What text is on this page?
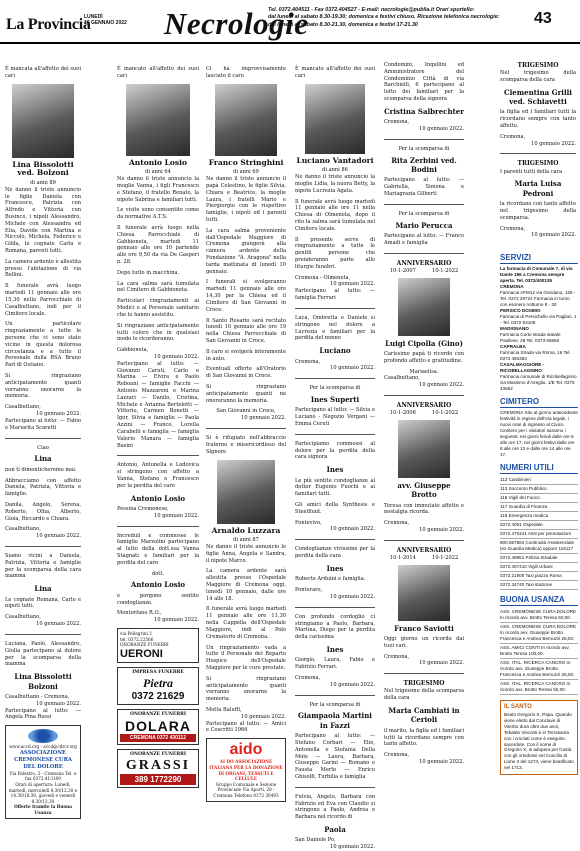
La Provincia
LUNEDÌ
10 GENNAIO 2022 Necrologie
Tel. 0372.404511 - Fax 0372.404527 - E-mail: necrologie@publia.it Orari sportello:
dal lunedì al sabato 8.30-19.30; domenica e festivi chiuso. Ricezione telefonica necrologie:
dal lunedì al sabato 8.30-21.30, domenica e festivi 17-21.30	43

È mancata all'affetto dei suoi cari

Lina Bissolotti ved. Bolzoni
di anni 89

Ne danno il triste annuncio le figlie Daniela con Francesco, Patrizia con Alfredo e Vittoria con Businco, i nipoti Alessandro, Michele con Alessandra ed Elia, Davide con Martina e Niccolò, Michela, Federico e Gilda, le cognate Carla e Romana, parenti tutti.

La camera ardente è allestita presso l'abitazione di via Bellini.

Il funerale avrà luogo martedì 11 gennaio alle ore 15,30 nella Parrocchiale di Casalbuttano, indi per il Cimitero locale.

Un particolare ringraziamento a tutte le persone che ci sono state vicine in questa dolorosa circostanza e a tutto il Personale della RSA Bruno Pari di Ostiano.

Si ringraziano anticipatamente quanti vorranno onorarne la memoria.

Casalbuttano,
10 gennaio 2022.

Partecipano al lutto: — Fabio e Mariarita Scaretti

Ciao
Lina

non ti dimenticheremo mai.

Abbracciamo con affetto Daniela, Patrizia, Vittoria e famiglie.

Danila, Angelo, Serena, Roberto, Olha, Alberto, Gioia, Riccardo e Chiara.

Casalbuttano,
10 gennaio 2022.

Siamo vicini a Daniela, Patrizia, Vittoria e famiglie per la scomparsa della cara mamma

Lina

Le cognate Romana, Carlo e nipoti tutti.

Casalbuttano,
10 gennaio 2022.

Luciana, Paolo, Alessandro, Giulia partecipano al dolore per la scomparsa della mamma

Lina Bissolotti Bolzoni
Casalbuttano - Cremona,
10 gennaio 2022.

Partecipano al lutto: — Angela Pina Rossi

www.accd.org - accd@cdrcr.org
ASSOCIAZIONE CREMONESE CURA DEL DOLORE
Via Palestro, 2 - Cremona Tel. e fax 0372.413189
Orari di apertura: Lunedì, martedì, mercoledì 8.30/12.30 e 14.30/18.30, giovedì e venerdì 8.30/12.30
Offerte tramite la Buona Usanza

È mancato all'affetto dei suoi cari

Antonio Losio
di anni 64

Ne danno il triste annuncio la moglie Vanna, i figli Francesco e Stefano, il fratello Renato, la nipote Sabrina e familiari tutti.

Le visite sono consentite come da normative A.T.S.

Il funerale avrà luogo nella Chiesa Parrocchiale di Gabbioneta, martedì 11 gennaio alle ore 10 partendo alle ore 9,50 da via De Gasperi n. 28.

Dopo tutto in macchina.

La cara salma sarà tumulata nel Cimitero di Gabbioneta.

Particolari ringraziamenti ai Medici e al Personale sanitario che lo hanno assistito.

Si ringraziano anticipatamente tutti coloro che in qualsiasi modo lo ricorderanno.

Gabbioneta,
10 gennaio 2022.

Partecipano al lutto: — Giovanni Caruti, Carlo e Marina — Elvira e Paolo Reboani — famiglie Facchi — Antonio Mazzaroni e Marina Lazzari — Danilo, Cristina, Michele e Arianna Bertoletti — Vittorio, Carmen Bonetti — Igor, Silvia e famiglie — Paola Azzini — Franco, Lorella Carabelli e famiglia — famiglia Valerio Manara — famiglia Basini

Antonio, Antonella e Lodovica si stringono con affetto a Vanna, Stefano e Francesco per la perdita del caro

Antonio Losio
Pessina Cremonese,
10 gennaio 2022.

Increduli e commosse le famiglie Marzolini partecipano al lutto della dott.ssa Vanna Stagnati e familiari per la perdita del caro

dott.
Antonio Losio

e porgono sentite condoglianze.

Montorfano R.O.,
10 gennaio 2022.
via Pellegrini 2
tel. 0372.22566
ONORANZE FUNEBRI
UERONI
IMPRESA FUNEBRE
Pietra
0372 21629
ONORANZE FUNEBRI
DOLARA
CREMONA 0372 430112
ONORANZE FUNEBRI
GRASSI
389 1772290

Ci ha improvvisamente lasciato il caro

Franco Stringhini
di anni 69

Ne danno il triste annuncio il papà Celestino, le figlie Silvia, Chiara e Beatrice, la moglie Laura, i fratelli Mario e Piergiorgio con le rispettive famiglie, i nipoti ed i parenti tutti.

La cara salma proveniente dall'Ospedale Maggiore di Cremona giungerà alla camera ardente della Fondazione "A. Aragona" nella tarda mattinata di lunedì 10 gennaio.

I funerali si svolgeranno martedì 11 gennaio alle ore 14,30 per la Chiesa ed il Cimitero di San Giovanni in Croce.

Il Santo Rosario sarà recitato lunedì 10 gennaio alle ore 19 nella Chiesa Parrocchiale di San Giovanni in Croce.

Il caro si svolgerà interamente in auto.

Eventuali offerte all'Oratorio di San Giovanni in Croce.

Si ringraziano anticipatamente quanti ne onoreranno la memoria.

San Giovanni in Croce,
10 gennaio 2022.

Si è rifugiato nell'abbraccio fraterno e misericordioso del Signore

Arnaldo Luzzara
di anni 87

Ne danno il triste annuncio le figlie Anna, Angela e Sandra, il nipote Marco.

La camera ardente sarà allestita presso l'Ospedale Maggiore di Cremona oggi, lunedì 10 gennaio, dalle ore 14 alle 18.

Il funerale avrà luogo martedì 11 gennaio alle ore 11,30 nella Cappella dell'Ospedale Maggiore, indi al Polo Crematorio di Cremona.

Un ringraziamento vada a tutto il Personale del Reparto Hospice dell'Ospedale Maggiore per le cure prestate.

Si ringraziano anticipatamente quanti vorranno onorarne la memoria.

Motta Baluffi,
10 gennaio 2022.

Partecipano al lutto: — Amici e Coscritti 1966

aido
AI DO ASSOCIAZIONE ITALIANA PER LA DONAZIONE DI ORGANI, TESSUTI E CELLULE
Gruppo Comunale e Sezione Provinciale Via Aporti, 28 - Cremona Telefono 0372 30493

È mancato all'affetto dei suoi cari

Luciano Vantadori
di anni 86

Ne danno il triste annuncio la moglie Lidia, la nuora Betty, la nipote Lucrezia Agata.

Il funerale avrà luogo martedì 11 gennaio alle ore 11 nella Chiesa di Olmeneta, dopo il rito la salma sarà tumulata nel Cimitero locale.

Il presente serve di ringraziamento a tutte le gentili persone che prenderanno parte alle liturgie funebri.

Cremona - Olmeneta,
10 gennaio 2022.

Partecipano al lutto: — famiglia Ferrari

Luca, Ombretta e Daniele si stringono nel dolore a Lucrezia e familiari per la perdita del nonno

Luciano
Cremona,
10 gennaio 2022.
Per la scomparsa di
Ines Superti

Partecipano al lutto: — Silvia e Luciano - Negozio Vergani — Emma Ceruti

Partecipiamo commossi al dolore per la perdita della cara signora

Ines

Le più sentite condoglianze al dottor Eugenio Fuochi e ai familiari tutti.

Gli amici della Synthesis e Steelfluid.

Fontevivo,
10 gennaio 2022.

Condogliamze vivissime per la perdita della cara

Ines

Roberto Arduini e famiglia.

Ponteraro,
10 gennaio 2022.

Con profondo cordoglio ci stringiamo a Paolo, Barbara, Martina, Diego per la perdita della carissima

Ines

Giorgio, Laura, Fabio e Fabrizio Ferrari.

Cremona,
10 gennaio 2022.
Per la scomparsa di
Giampaola Martini in Fazzi

Partecipano al lutto: — Stefano Corbari — Elio, Antonella e Stefania Della Mole — Laura, Barbara, Giuseppe Garini — Romano e Fausta Merlo — Enrico Ghisolfi, Turbilia e famiglia

Fulvia, Angelo, Barbara con Fabrizio ed Eva con Claudio si stringono a Paolo, Andrea e Barbara nel ricordo di

Paola
San Daniele Po,
10 gennaio 2022.

Condomini, Inquilini ed Amministratore del Condominio Città di via Barchielli, 6 partecipano al lutto dei familiari per la scomparsa della signora

Cristina Salbrechter
Cremona,
10 gennaio 2022.
Per la scomparsa di
Rita Zerbini ved. Bodini

Partecipano al lutto: — Gabriella, Simona e Mariagrazia Gilberti

Per la scomparsa di
Mario Perucca

Partecipano al lutto: — Franco Amadi e famiglia

ANNIVERSARIO
10-1-2007          10-1-2022
Luigi Cipolla (Gino)

Carissimo papà ti ricordo con profondo affetto e gratitudine.

Mariaelisa.
Casalbuttano,
10 gennaio 2022.
ANNIVERSARIO
10-1-2006          10-1-2022
avv. Giuseppe Brotto

Teresa con immutato affetto e nostalgia ricorda.

Cremona,
10 gennaio 2022.
ANNIVERSARIO
10-1-2014          10-1-2022
Franco Saviotti

Oggi giorno un ricordo dai tuoi cari.

Cremona,
10 gennaio 2022.
TRIGESIMO

Nel trigesimo della scomparsa della cara

Maria Cambiati in Cerioli

il marito, la figlia ed i familiari tutti la ricordano sempre con tanto affetto.

Cremona,
10 gennaio 2022.
TRIGESIMO

Nel trigesimo della scomparsa della cara

Clementina Grilli ved. Schiavetti

la figlia ed i familiari tutti la ricordano sempre con tanto affetto.

Cremona,
10 gennaio 2022.
TRIGESIMO

I parenti tutti della cara

Maria Luisa Pedroni

la ricordano con tanto affetto nel trigesimo della scomparsa.

Cremona,
10 gennaio 2022.
SERVIZI
La farmacia di Comunale 7, di via Dante 196 a Cremona sempre aperta. Tel. 0372/400135
CREMONA
Farmacia AFM12 via Giordano, 125 - Tel. 0372 29724 Farmacia in turno con esonero notturno 8 - 20
PERSICO DOSIMO
Farmacia di Persichello via Pagliari, 1 - Tel. 0372 54108
MADIGNANO
Farmacia Corte strada statale Paullese, 28 Tel. 0373 65656
CAPRALBA
Farmacia Strada via Roma, 16 Tel. 0373 450384
CASALMAGGIORE - RICOBELLAGNINO
Farmacia comunale di Ricobellagnino via Massimo d'Azeglio, 1/E Tel. 0375 43662
CIMITERO
CREMONA Sito al giorno antecedente festività in regime dell'ora legale, i nuovi orari di ingresso al Civico Cimitero per i visitatori saranno i seguenti: nei giorni feriali dalle ore 8 alle ore 17, nei giorni festivi dalle ore 8 alle ore 12 e dalle ore 14 alle ore 17.
NUMERI UTILI
112 Carabinieri
113 Soccorso Pubblico
115 Vigili del Fuoco
117 Guardia di Finanza
118 Emergenza medica
0372.4051 Ospedale
0372.470441 Asst per prenotazioni
800.567864 Continuità Assistenziale (ex Guardia Medica) oppure 116117
0372.49951 Polizia Stradale
0372.407410 Vigili Urbani
0372.21900 Taxi piazza Roma
0372.24740 Taxi stazione
BUONA USANZA
ASS. CREMONESE CURA DOLORE In ricordo avv. Brotto Teresa 50,00.
ASS. CREMONESE CURA DOLORE In ricordo avv. Giuseppe Brotto Francesca e Andrea Bernuzzi 25,00.
ASS. AMICI CONTI In ricordo avv. Brotto Teresa 100,00.
ASS. ITAL. RICERCA CANCRO In ricordo avv. Giuseppe Brotto Francesca e Andrea Bernuzzi 25,00.
ASS. ITAL. RICERCA CANCRO In ricordo avv. Brotto Teresa 50,00.
IL SANTO
Beato Gregorio X, Papa. Quando viene eletto dal Conclave di Viterbo dura oltre due anni, Tebaldo Visconti è in Terrasanta con i crociati come è eseguito: sacerdote. Con il nome di Gregorio X, si adopera per l'unità con gli ortodossi nel Concilio di Lione II del 1274, viene beatificato nel 1713.
